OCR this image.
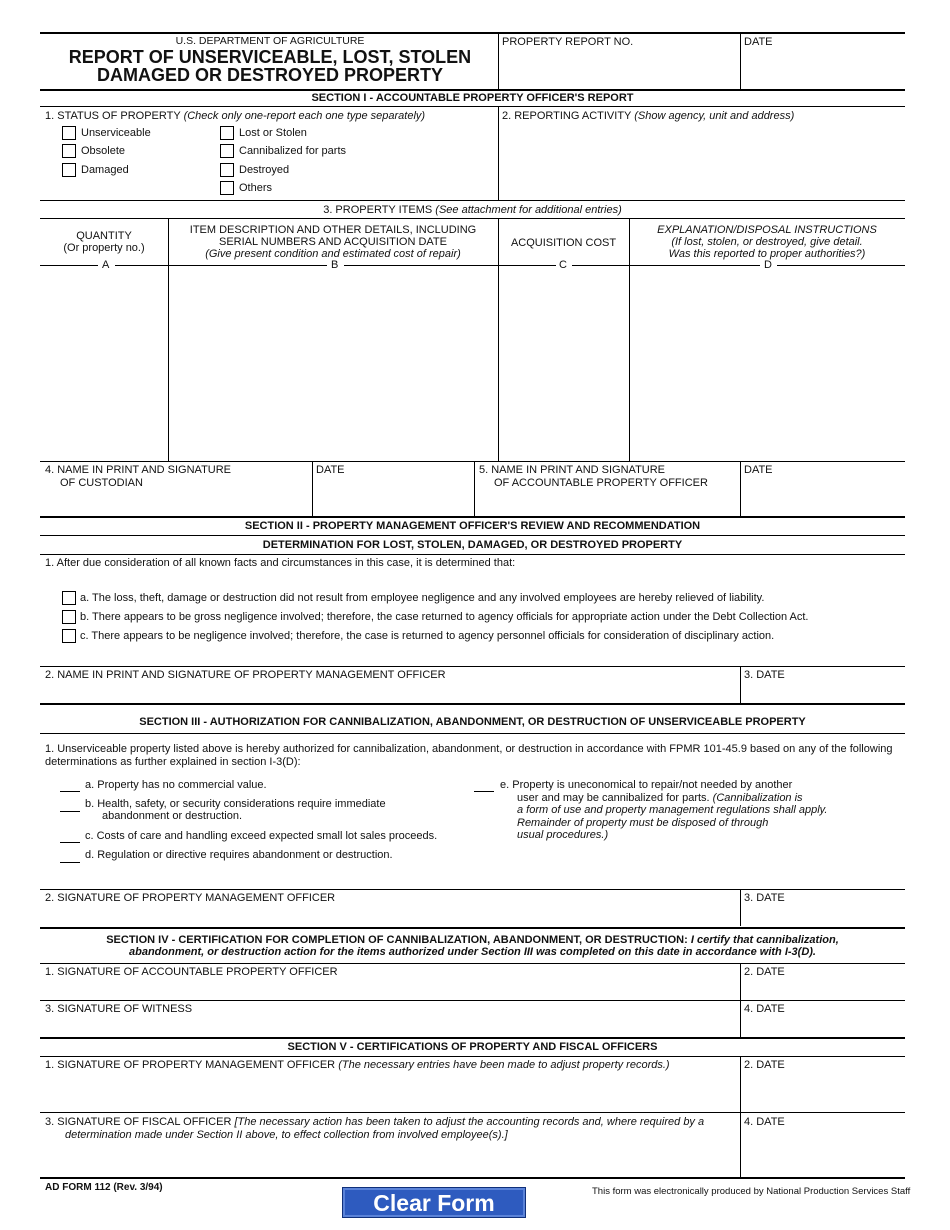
U.S. DEPARTMENT OF AGRICULTURE
REPORT OF UNSERVICEABLE, LOST, STOLEN
DAMAGED OR DESTROYED PROPERTY
PROPERTY REPORT NO.	DATE
SECTION I - ACCOUNTABLE PROPERTY OFFICER'S REPORT
1. STATUS OF PROPERTY (Check only one-report each one type separately)
Unserviceable
Obsolete
Damaged
Lost or Stolen
Cannibalized for parts
Destroyed
Others
2. REPORTING ACTIVITY (Show agency, unit and address)
3. PROPERTY ITEMS (See attachment for additional entries)
QUANTITY
(Or property no.)
ITEM DESCRIPTION AND OTHER DETAILS, INCLUDING
SERIAL NUMBERS AND ACQUISITION DATE
(Give present condition and estimated cost of repair)
ACQUISITION COST
EXPLANATION/DISPOSAL INSTRUCTIONS
(If lost, stolen, or destroyed, give detail.
Was this reported to proper authorities?)
A	B	C	D
4. NAME IN PRINT AND SIGNATURE
OF CUSTODIAN
DATE	5. NAME IN PRINT AND SIGNATURE
OF ACCOUNTABLE PROPERTY OFFICER
DATE
SECTION II - PROPERTY MANAGEMENT OFFICER'S REVIEW AND RECOMMENDATION
DETERMINATION FOR LOST, STOLEN, DAMAGED, OR DESTROYED PROPERTY
1. After due consideration of all known facts and circumstances in this case, it is determined that:
a. The loss, theft, damage or destruction did not result from employee negligence and any involved employees are hereby relieved of liability.
b. There appears to be gross negligence involved; therefore, the case returned to agency officials for appropriate action under the Debt Collection Act.
c. There appears to be negligence involved; therefore, the case is returned to agency personnel officials for consideration of disciplinary action.
2. NAME IN PRINT AND SIGNATURE OF PROPERTY MANAGEMENT OFFICER	3. DATE
SECTION III - AUTHORIZATION FOR CANNIBALIZATION, ABANDONMENT, OR DESTRUCTION OF UNSERVICEABLE PROPERTY
1. Unserviceable property listed above is hereby authorized for cannibalization, abandonment, or destruction in accordance with FPMR 101-45.9 based on any of the following
determinations as further explained in section I-3(D):
a. Property has no commercial value.
b. Health, safety, or security considerations require immediate
abandonment or destruction.
c. Costs of care and handling exceed expected small lot sales proceeds.
d. Regulation or directive requires abandonment or destruction.
e. Property is uneconomical to repair/not needed by another
user and may be cannibalized for parts. (Cannibalization is
a form of use and property management regulations shall apply.
Remainder of property must be disposed of through
usual procedures.)
2. SIGNATURE OF PROPERTY MANAGEMENT OFFICER	3. DATE
SECTION IV - CERTIFICATION FOR COMPLETION OF CANNIBALIZATION, ABANDONMENT, OR DESTRUCTION: I certify that cannibalization,
abandonment, or destruction action for the items authorized under Section III was completed on this date in accordance with I-3(D).
1. SIGNATURE OF ACCOUNTABLE PROPERTY OFFICER	2. DATE
3. SIGNATURE OF WITNESS	4. DATE
SECTION V - CERTIFICATIONS OF PROPERTY AND FISCAL OFFICERS
1. SIGNATURE OF PROPERTY MANAGEMENT OFFICER (The necessary entries have been made to adjust property records.)	2. DATE
3. SIGNATURE OF FISCAL OFFICER [The necessary action has been taken to adjust the accounting records and, where required by a
determination made under Section II above, to effect collection from involved employee(s).]
4. DATE
AD FORM 112 (Rev. 3/94)
Clear Form	This form was electronically produced by National Production Services Staff
